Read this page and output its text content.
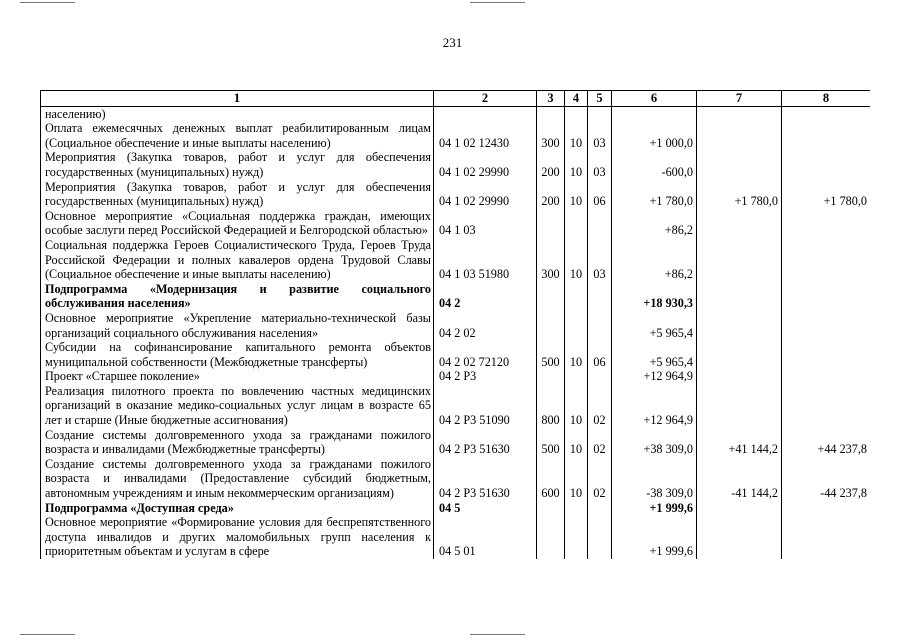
231
1	2	3	4	5	6	7	8
населению)							
Оплата ежемесячных денежных выплат реабилитированным лицам (Социальное обеспечение и иные выплаты населению)	04 1 02 12430	300	10	03	+1 000,0		
Мероприятия (Закупка товаров, работ и услуг для обеспечения государственных (муниципальных) нужд)	04 1 02 29990	200	10	03	-600,0		
Мероприятия (Закупка товаров, работ и услуг для обеспечения государственных (муниципальных) нужд)	04 1 02 29990	200	10	06	+1 780,0	+1 780,0	+1 780,0
Основное мероприятие «Социальная поддержка граждан, имеющих особые заслуги перед Российской Федерацией и Белгородской областью»	04 1 03				+86,2		
Социальная поддержка Героев Социалистического Труда, Героев Труда Российской Федерации и полных кавалеров ордена Трудовой Славы (Социальное обеспечение и иные выплаты населению)	04 1 03 51980	300	10	03	+86,2		
Подпрограмма «Модернизация и развитие социального обслуживания населения»	04 2				+18 930,3		
Основное мероприятие «Укрепление материально-технической базы организаций социального обслуживания населения»	04 2 02				+5 965,4		
Субсидии на софинансирование капитального ремонта объектов муниципальной собственности (Межбюджетные трансферты)	04 2 02 72120	500	10	06	+5 965,4		
Проект «Старшее поколение»	04 2 P3				+12 964,9		
Реализация пилотного проекта по вовлечению частных медицинских организаций в оказание медико-социальных услуг лицам в возрасте 65 лет и старше (Иные бюджетные ассигнования)	04 2 P3 51090	800	10	02	+12 964,9		
Создание системы долговременного ухода за гражданами пожилого возраста и инвалидами (Межбюджетные трансферты)	04 2 P3 51630	500	10	02	+38 309,0	+41 144,2	+44 237,8
Создание системы долговременного ухода за гражданами пожилого возраста и инвалидами (Предоставление субсидий бюджетным, автономным учреждениям и иным некоммерческим организациям)	04 2 P3 51630	600	10	02	-38 309,0	-41 144,2	-44 237,8
Подпрограмма «Доступная среда»	04 5				+1 999,6		
Основное мероприятие «Формирование условия для беспрепятственного доступа инвалидов и других маломобильных групп населения к приоритетным объектам и услугам в сфере	04 5 01				+1 999,6		
